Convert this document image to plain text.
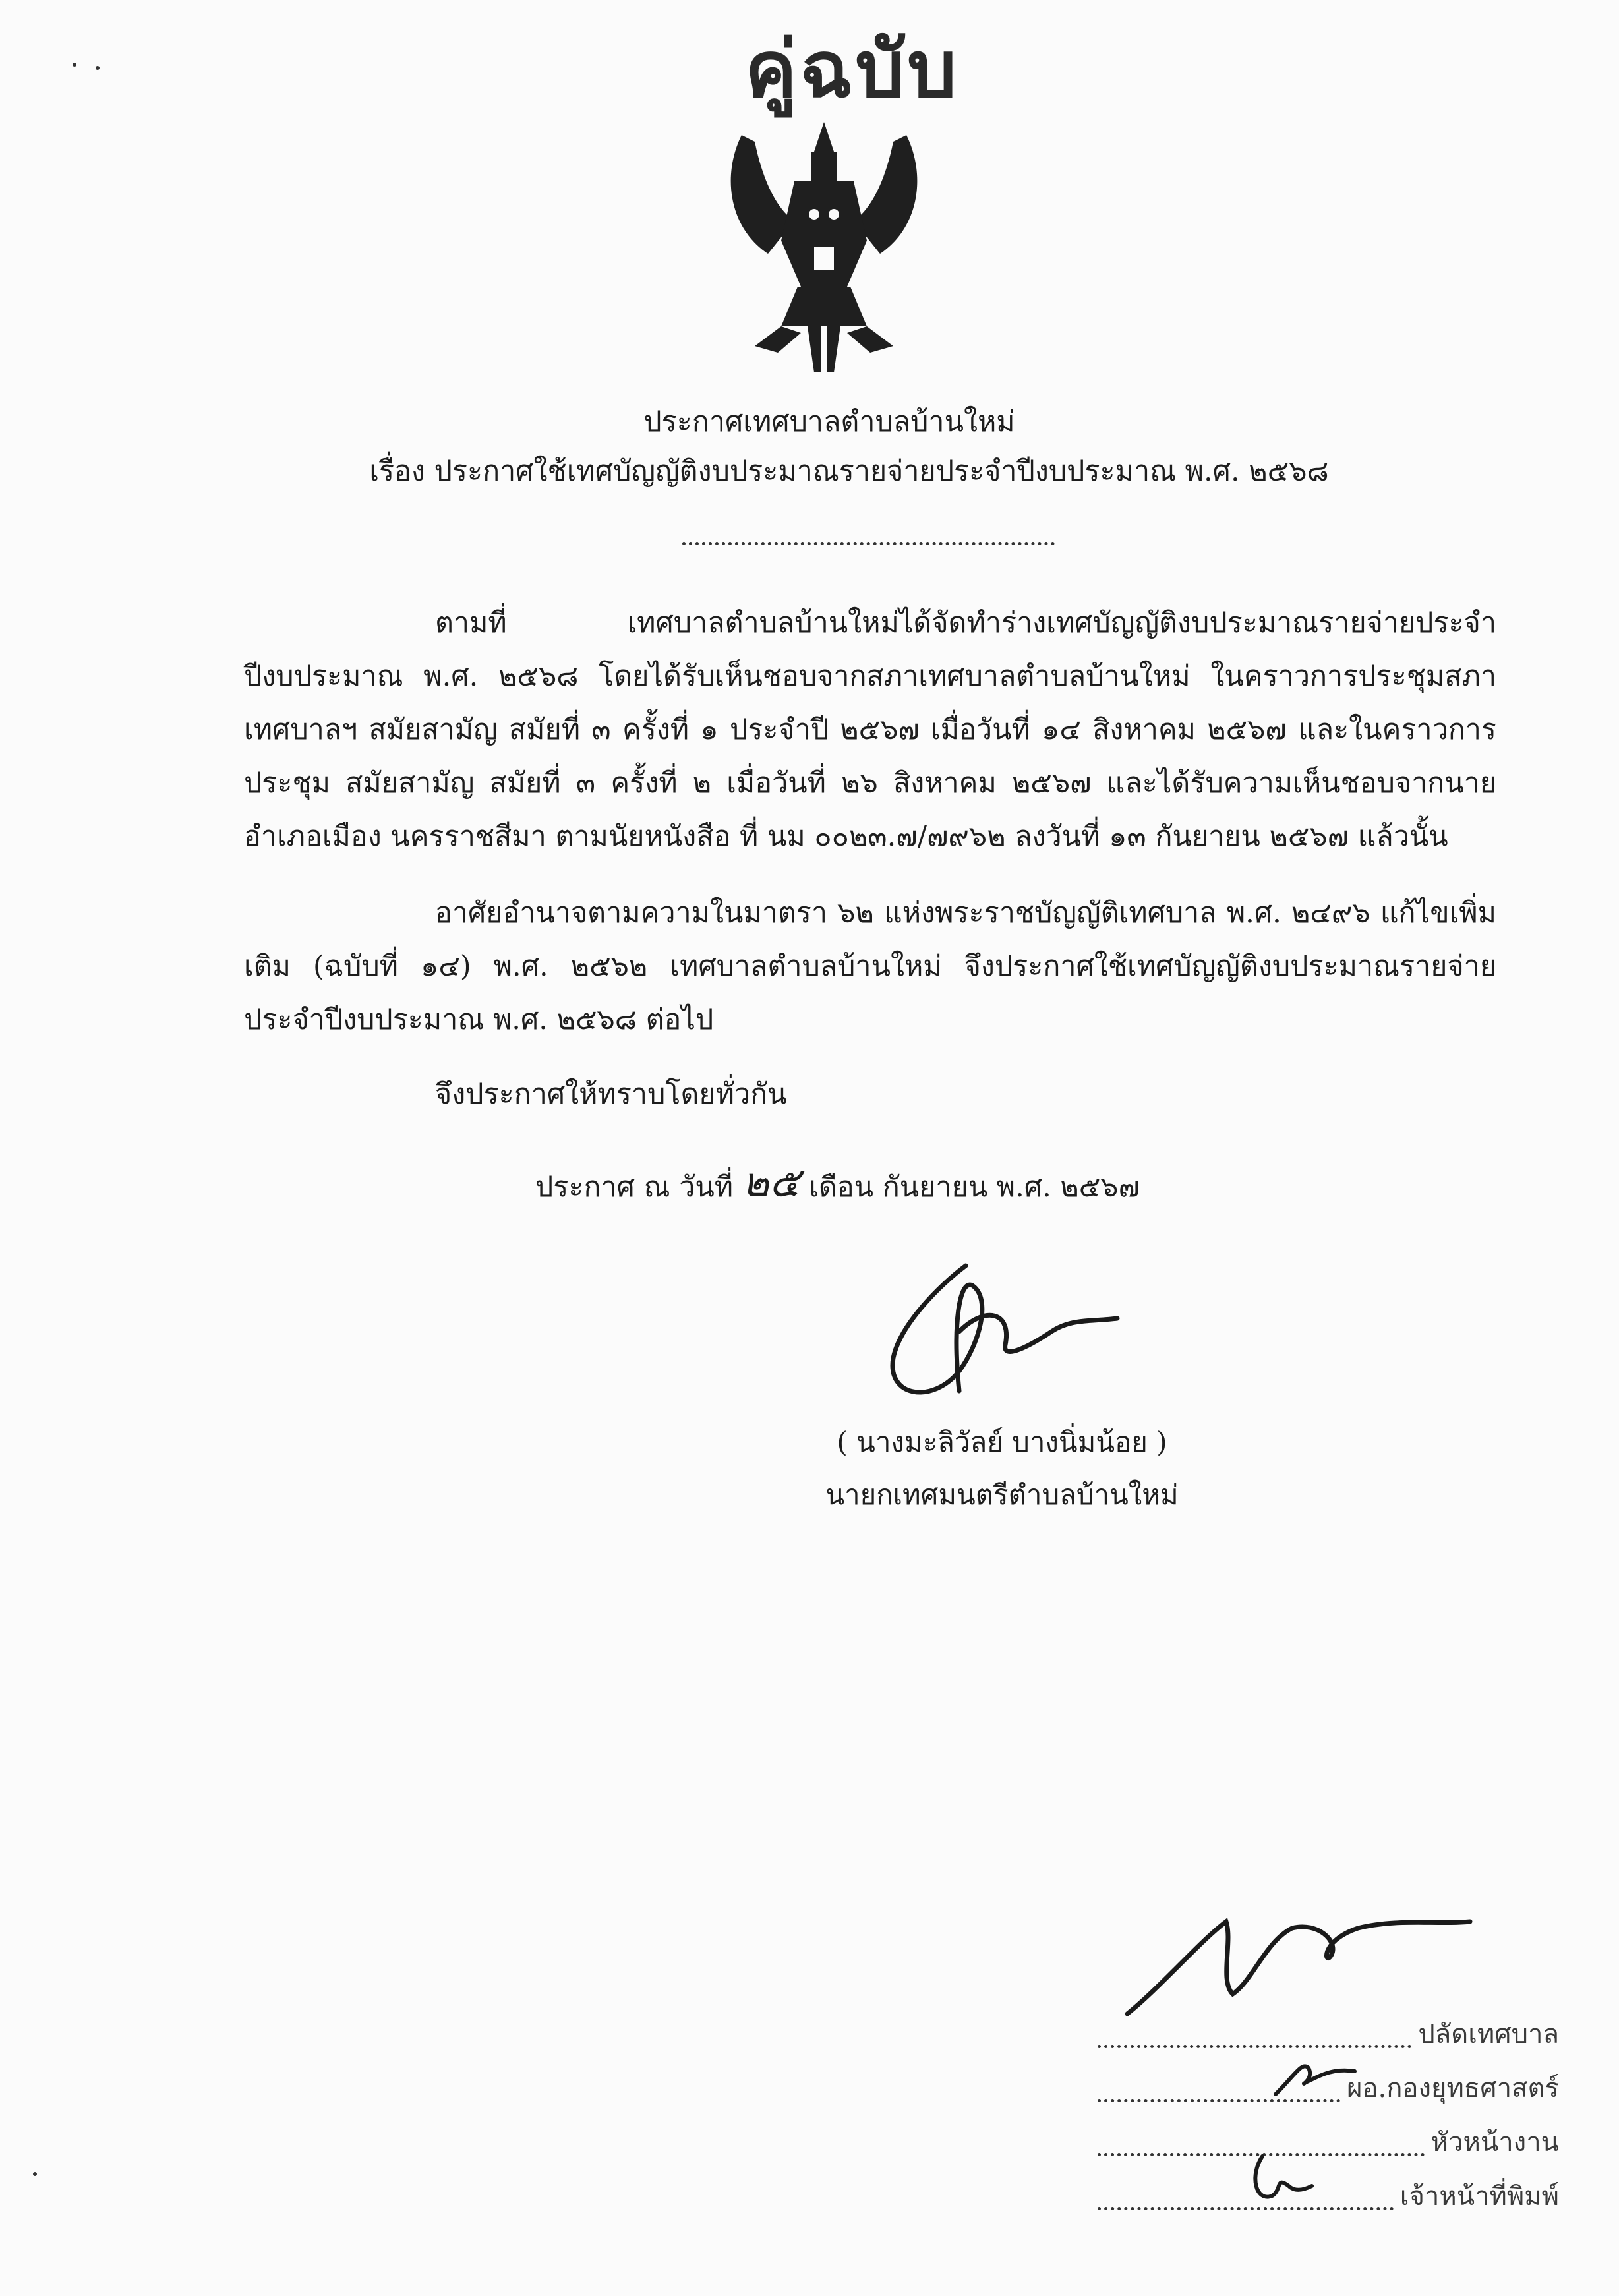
คู่ฉบับ
ประกาศเทศบาลตำบลบ้านใหม่
เรื่อง ประกาศใช้เทศบัญญัติงบประมาณรายจ่ายประจำปีงบประมาณ พ.ศ. ๒๕๖๘
ตามที่ เทศบาลตำบลบ้านใหม่ได้จัดทำร่างเทศบัญญัติงบประมาณรายจ่ายประจำปีงบประมาณ พ.ศ. ๒๕๖๘ โดยได้รับเห็นชอบจากสภาเทศบาลตำบลบ้านใหม่ ในคราวการประชุมสภาเทศบาลฯ สมัยสามัญ สมัยที่ ๓ ครั้งที่ ๑ ประจำปี ๒๕๖๗ เมื่อวันที่ ๑๔ สิงหาคม ๒๕๖๗ และในคราวการประชุม สมัยสามัญ สมัยที่ ๓ ครั้งที่ ๒ เมื่อวันที่ ๒๖ สิงหาคม ๒๕๖๗ และได้รับความเห็นชอบจากนายอำเภอเมือง นครราชสีมา ตามนัยหนังสือ ที่ นม ๐๐๒๓.๗/๗๙๖๒ ลงวันที่ ๑๓ กันยายน ๒๕๖๗ แล้วนั้น
อาศัยอำนาจตามความในมาตรา ๖๒ แห่งพระราชบัญญัติเทศบาล พ.ศ. ๒๔๙๖ แก้ไขเพิ่มเติม (ฉบับที่ ๑๔) พ.ศ. ๒๕๖๒ เทศบาลตำบลบ้านใหม่ จึงประกาศใช้เทศบัญญัติงบประมาณรายจ่าย ประจำปีงบประมาณ พ.ศ. ๒๕๖๘ ต่อไป
จึงประกาศให้ทราบโดยทั่วกัน
ประกาศ ณ วันที่ ๒๕ เดือน กันยายน พ.ศ. ๒๕๖๗
( นางมะลิวัลย์ บางนิ่มน้อย )
นายกเทศมนตรีตำบลบ้านใหม่
ปลัดเทศบาล
ผอ.กองยุทธศาสตร์
หัวหน้างาน
เจ้าหน้าที่พิมพ์
